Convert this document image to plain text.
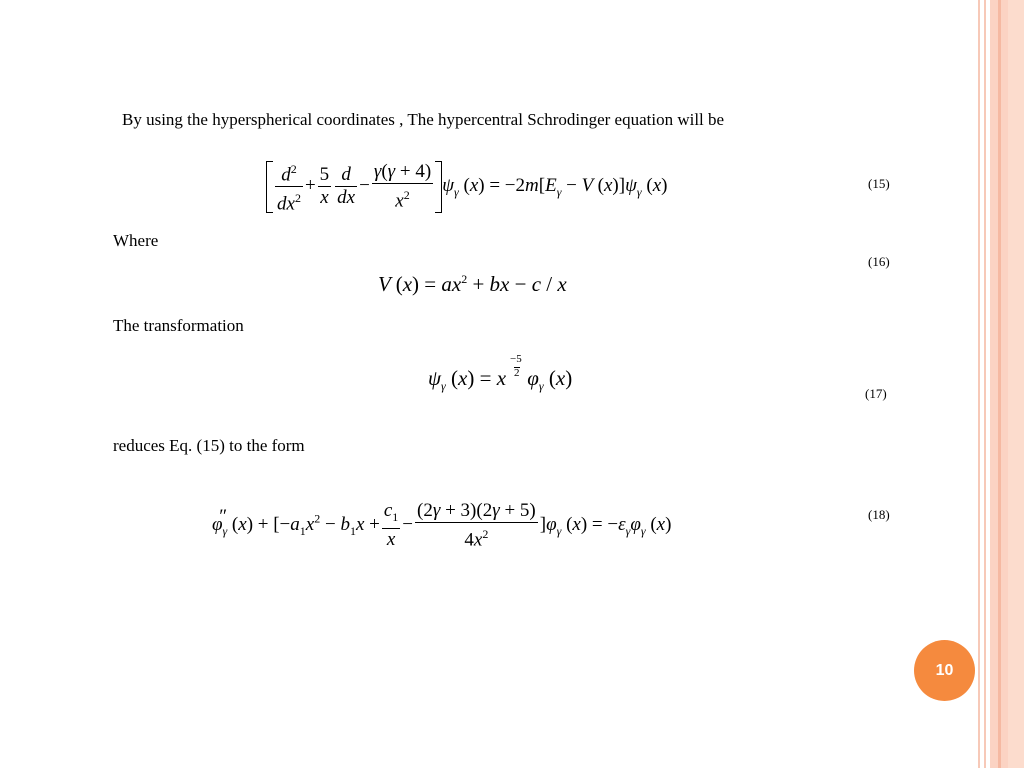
By using the hyperspherical coordinates , The hypercentral Schrodinger equation will be
$\frac{d^2}{dx^2} + \frac{5}{x} \frac{d}{dx} - \frac{\gamma(\gamma + 4)}{x^2} \psi_\gamma$ $(x) = -2m[E_\gamma - V$ $(x)]\psi_\gamma$ (x)	(15)
Where
(16)
V $(x) = ax^2$ + bx − c / x
The transformation
$\psi_\gamma$ (x) = x $\frac{-5}{2} \varphi_\gamma$ (x)
(17)
reduces Eq. (15) to the form
$\varphi_\gamma''$ $(x) + [-a_1x^2 - b_1x + \frac{c_1}{x} - \frac{(2\gamma + 3)(2\gamma + 5)}{4x^2} ]\varphi_\gamma$ $(x) = -\varepsilon_\gamma\varphi_\gamma$ (x)	(18)
10
